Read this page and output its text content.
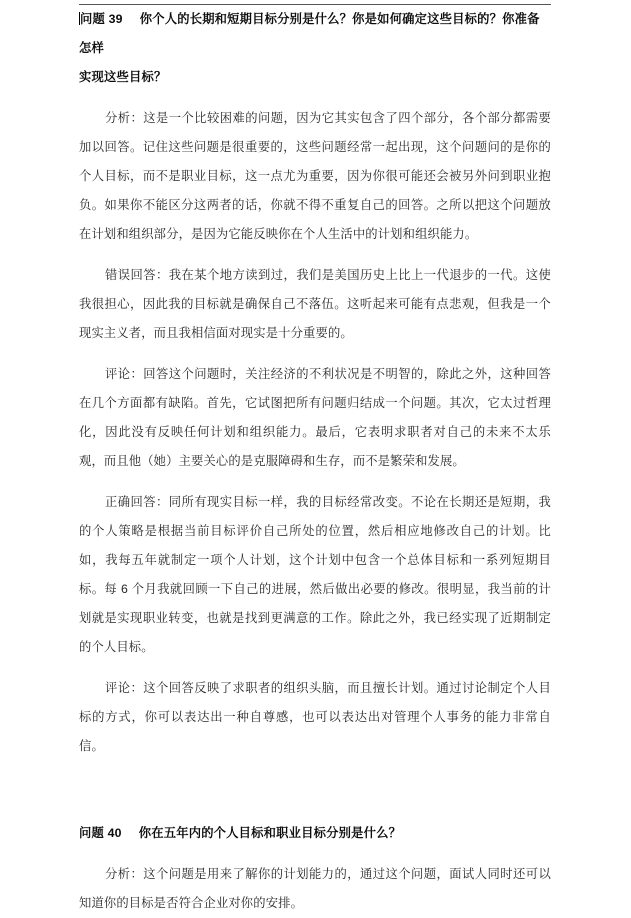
问题 39 你个人的长期和短期目标分别是什么？你是如何确定这些目标的？你准备怎样

实现这些目标？

分析：这是一个比较困难的问题，因为它其实包含了四个部分，各个部分都需要加以回答。记住这些问题是很重要的，这些问题经常一起出现，这个问题问的是你的个人目标，而不是职业目标，这一点尤为重要，因为你很可能还会被另外问到职业抱负。如果你不能区分这两者的话，你就不得不重复自己的回答。之所以把这个问题放在计划和组织部分，是因为它能反映你在个人生活中的计划和组织能力。

错误回答：我在某个地方读到过，我们是美国历史上比上一代退步的一代。这使我很担心，因此我的目标就是确保自己不落伍。这听起来可能有点悲观，但我是一个现实主义者，而且我相信面对现实是十分重要的。

评论：回答这个问题时，关注经济的不利状况是不明智的，除此之外，这种回答在几个方面都有缺陷。首先，它试图把所有问题归结成一个问题。其次，它太过哲理化，因此没有反映任何计划和组织能力。最后，它表明求职者对自己的未来不太乐观，而且他（她）主要关心的是克服障碍和生存，而不是繁荣和发展。

正确回答：同所有现实目标一样，我的目标经常改变。不论在长期还是短期，我的个人策略是根据当前目标评价自己所处的位置，然后相应地修改自己的计划。比如，我每五年就制定一项个人计划，这个计划中包含一个总体目标和一系列短期目标。每 6 个月我就回顾一下自己的进展，然后做出必要的修改。很明显，我当前的计划就是实现职业转变，也就是找到更满意的工作。除此之外，我已经实现了近期制定的个人目标。

评论：这个回答反映了求职者的组织头脑，而且擅长计划。通过讨论制定个人目标的方式，你可以表达出一种自尊感，也可以表达出对管理个人事务的能力非常自信。

问题 40 你在五年内的个人目标和职业目标分别是什么？

分析：这个问题是用来了解你的计划能力的，通过这个问题，面试人同时还可以知道你的目标是否符合企业对你的安排。
